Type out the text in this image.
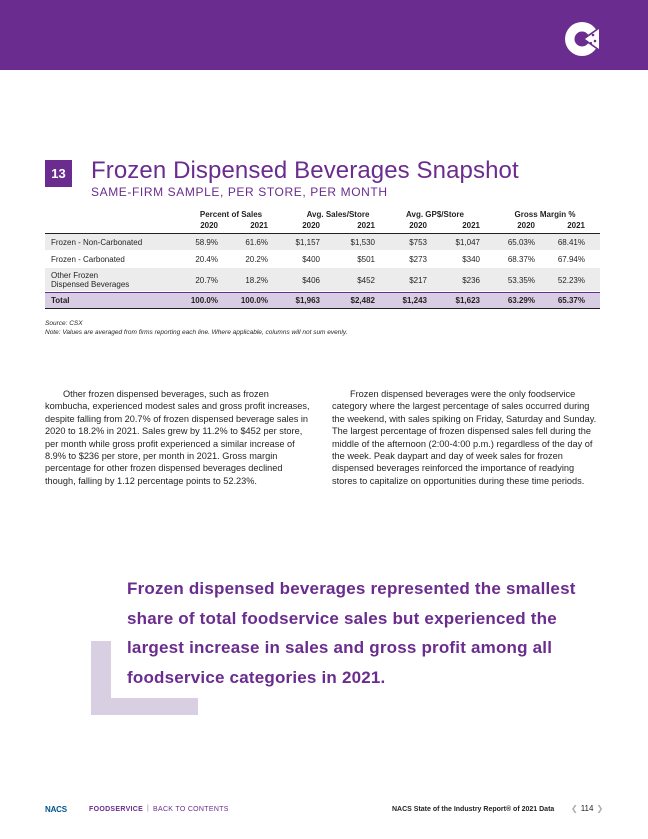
13 Frozen Dispensed Beverages Snapshot
SAME-FIRM SAMPLE, PER STORE, PER MONTH
Percent of Sales	Avg. Sales/Store	Avg. GP$/Store	Gross Margin %
2020	2021	2020	2021	2020	2021	2020	2021
Frozen - Non-Carbonated	58.9%	61.6%	$1,157	$1,530	$753	$1,047	65.03%	68.41%
Frozen - Carbonated	20.4%	20.2%	$400	$501	$273	$340	68.37%	67.94%
Other Frozen
Dispensed Beverages	20.7%	18.2%	$406	$452	$217	$236	53.35%	52.23%
Total	100.0%	100.0%	$1,963	$2,482	$1,243	$1,623	63.29%	65.37%
Source: CSX
Note: Values are averaged from firms reporting each line. Where applicable, columns will not sum evenly.

Other frozen dispensed beverages, such as frozen kombucha, experienced modest sales and gross profit increases, despite falling from 20.7% of frozen dispensed beverage sales in 2020 to 18.2% in 2021. Sales grew by 11.2% to $452 per store, per month while gross profit experienced a similar increase of 8.9% to $236 per store, per month in 2021. Gross margin percentage for other frozen dispensed beverages declined though, falling by 1.12 percentage points to 52.23%.

Frozen dispensed beverages were the only foodservice category where the largest percentage of sales occurred during the weekend, with sales spiking on Friday, Saturday and Sunday. The largest percentage of frozen dispensed sales fell during the middle of the afternoon (2:00-4:00 p.m.) regardless of the day of the week. Peak daypart and day of week sales for frozen dispensed beverages reinforced the importance of readying stores to capitalize on opportunities during these time periods.

Frozen dispensed beverages represented the smallest share of total foodservice sales but experienced the largest increase in sales and gross profit among all foodservice categories in 2021.
NACS	FOODSERVICE | BACK TO CONTENTS	NACS State of the Industry Report® of 2021 Data ❮ 114 ❯
